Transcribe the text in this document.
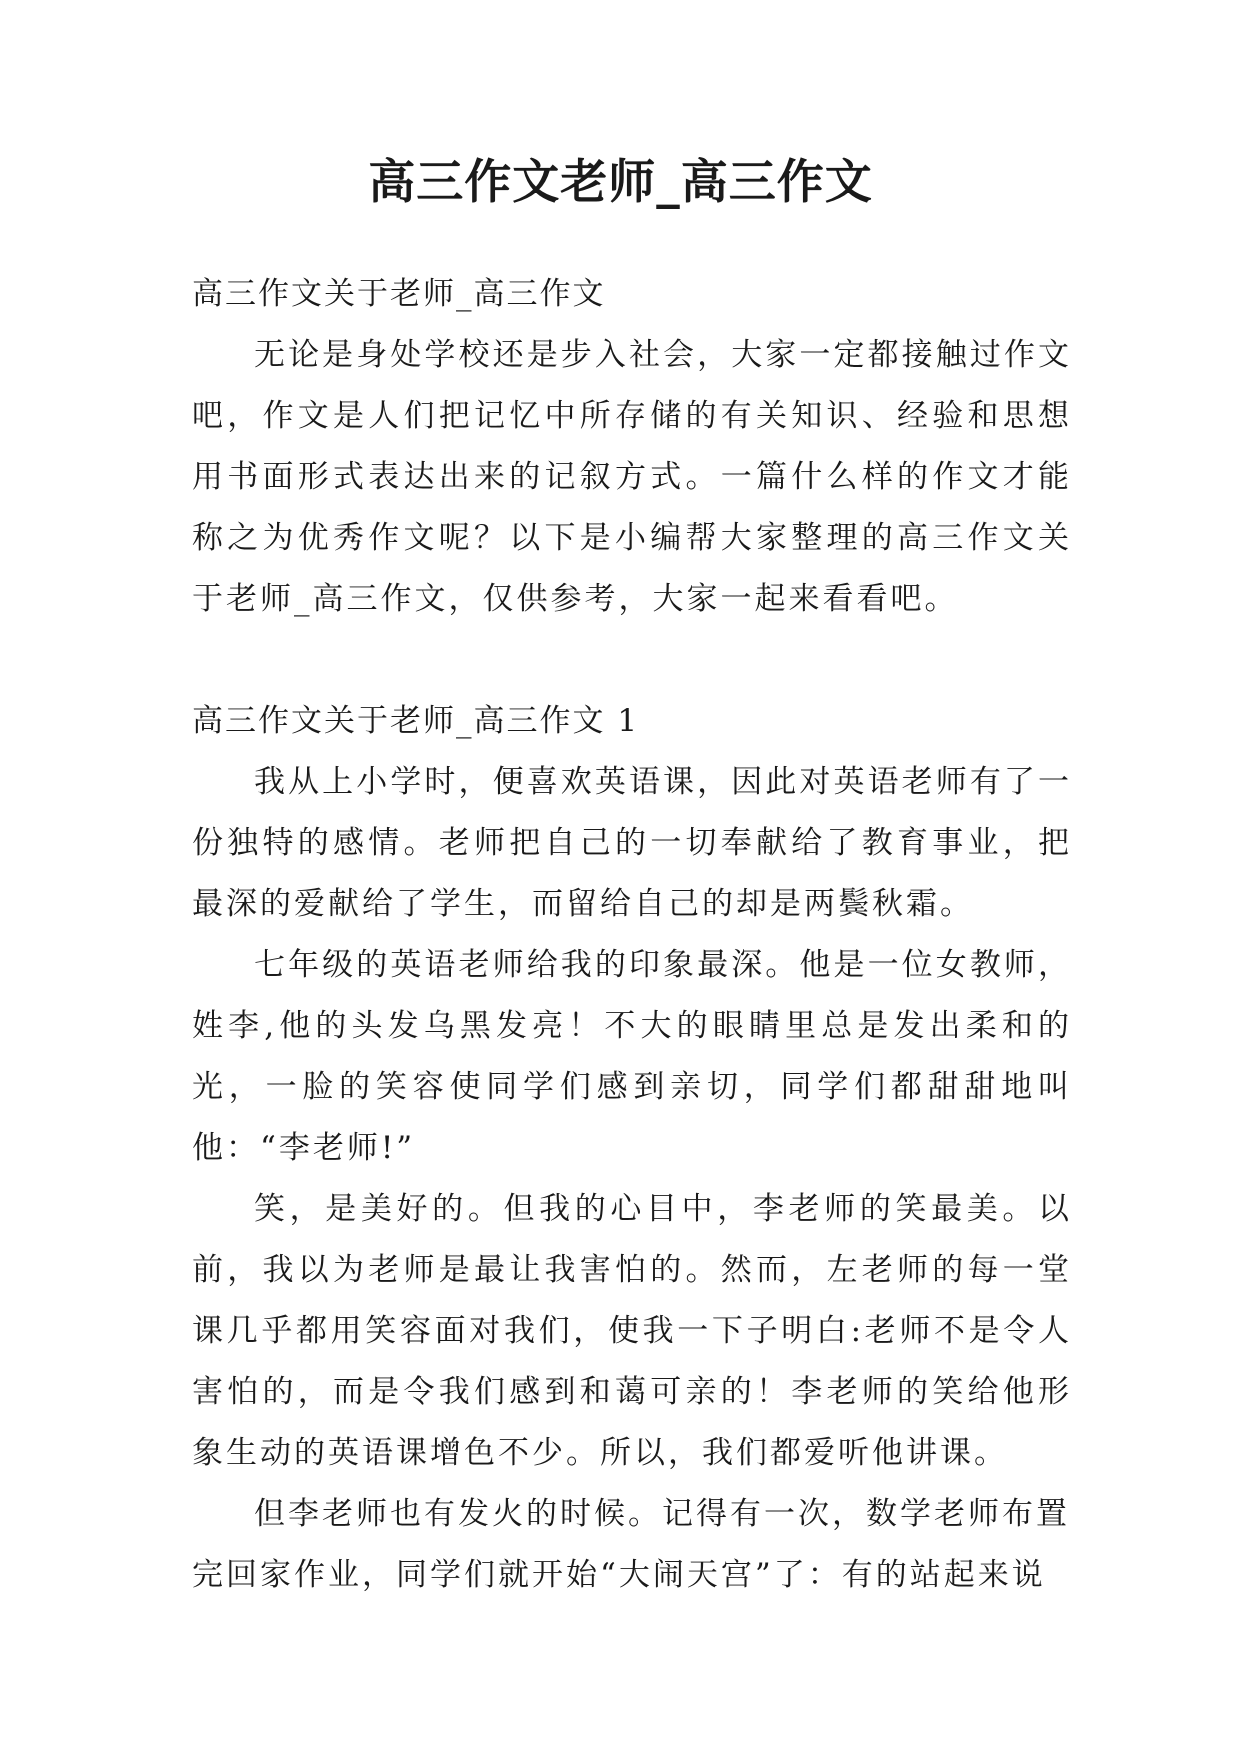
高三作文老师_高三作文

高三作文关于老师_高三作文

无论是身处学校还是步入社会，大家一定都接触过作文吧，作文是人们把记忆中所存储的有关知识、经验和思想用书面形式表达出来的记叙方式。一篇什么样的作文才能称之为优秀作文呢？以下是小编帮大家整理的高三作文关于老师_高三作文，仅供参考，大家一起来看看吧。

高三作文关于老师_高三作文 1

我从上小学时，便喜欢英语课，因此对英语老师有了一份独特的感情。老师把自己的一切奉献给了教育事业，把最深的爱献给了学生，而留给自己的却是两鬓秋霜。

七年级的英语老师给我的印象最深。他是一位女教师，姓李,他的头发乌黑发亮！不大的眼睛里总是发出柔和的光，一脸的笑容使同学们感到亲切，同学们都甜甜地叫他：“李老师!”

笑，是美好的。但我的心目中，李老师的笑最美。以前，我以为老师是最让我害怕的。然而，左老师的每一堂课几乎都用笑容面对我们，使我一下子明白:老师不是令人害怕的，而是令我们感到和蔼可亲的！李老师的笑给他形象生动的英语课增色不少。所以，我们都爱听他讲课。

但李老师也有发火的时候。记得有一次，数学老师布置

完回家作业，同学们就开始“大闹天宫”了：有的站起来说
